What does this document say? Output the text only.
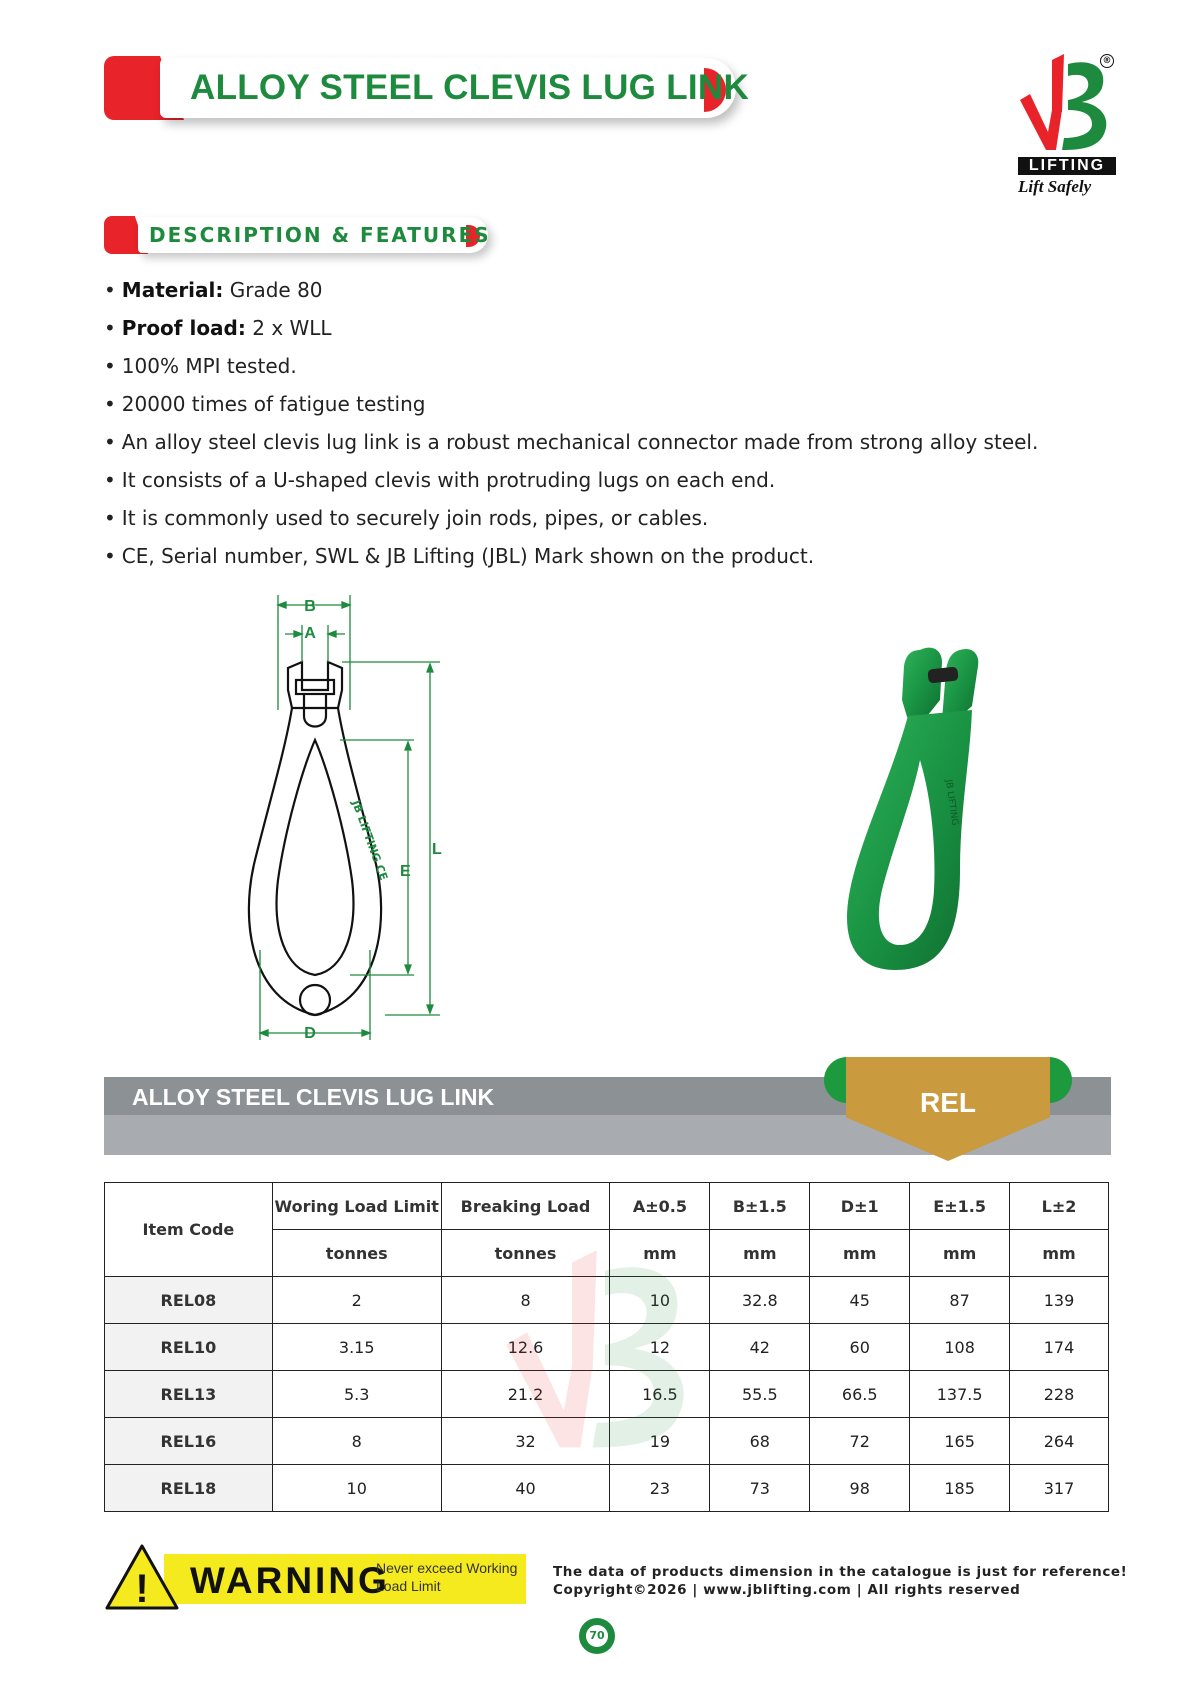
ALLOY STEEL CLEVIS LUG LINK
®
LIFTING
Lift Safely
DESCRIPTION & FEATURES
• Material: Grade 80
• Proof load: 2 x WLL
• 100% MPI tested.
• 20000 times of fatigue testing
• An alloy steel clevis lug link is a robust mechanical connector made from strong alloy steel.
• It consists of a U-shaped clevis with protruding lugs on each end.
• It is commonly used to securely join rods, pipes, or cables.
• CE, Serial number, SWL & JB Lifting (JBL) Mark shown on the product.
B
A
L
E
D
JB LIFTING CE	JB LIFTING
ALLOY STEEL CLEVIS LUG LINK	REL
Item Code	Woring Load Limit	Breaking Load	A±0.5	B±1.5	D±1	E±1.5	L±2
	tonnes	tonnes	mm	mm	mm	mm	mm
REL08	2	8	10	32.8	45	87	139
REL10	3.15	12.6	12	42	60	108	174
REL13	5.3	21.2	16.5	55.5	66.5	137.5	228
REL16	8	32	19	68	72	165	264
REL18	10	40	23	73	98	185	317
WARNING
Never exceed Working Load Limit
!	The data of products dimension in the catalogue is just for reference!
Copyright©2026 | www.jblifting.com | All rights reserved
70
